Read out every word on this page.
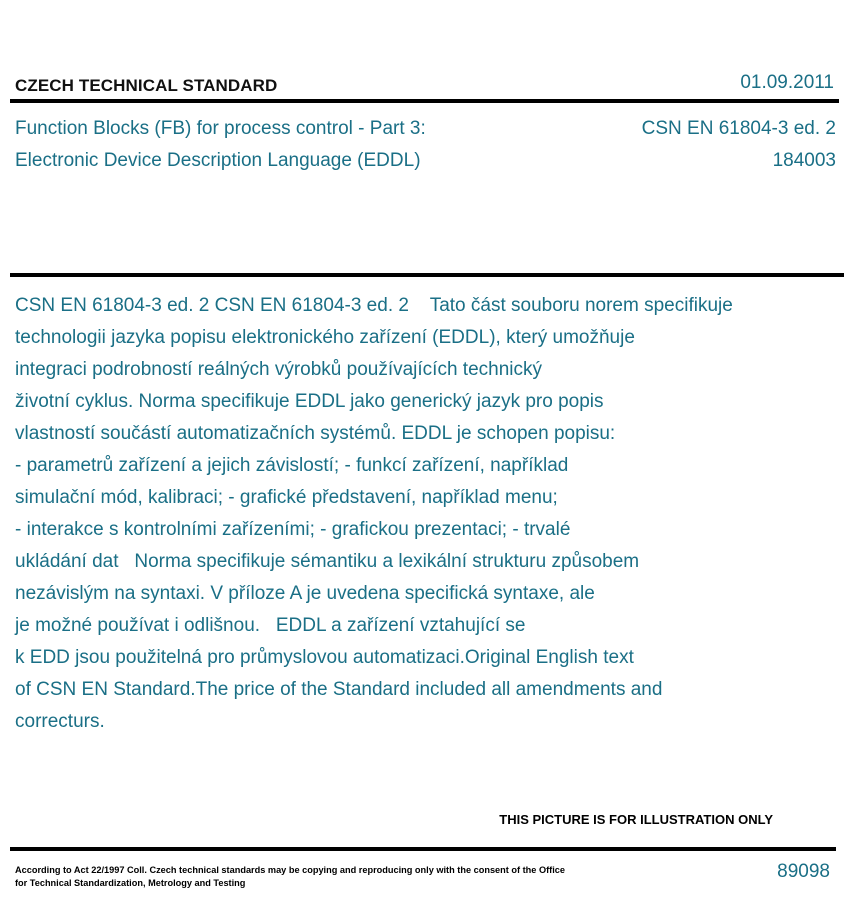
CZECH TECHNICAL STANDARD	01.09.2011
Function Blocks (FB) for process control - Part 3:
Electronic Device Description Language (EDDL)
CSN EN 61804-3 ed. 2
184003
CSN EN 61804-3 ed. 2 CSN EN 61804-3 ed. 2    Tato část souboru norem specifikuje
technologii jazyka popisu elektronického zařízení (EDDL), který umožňuje
integraci podrobností reálných výrobků používajících technický
životní cyklus. Norma specifikuje EDDL jako generický jazyk pro popis
vlastností součástí automatizačních systémů. EDDL je schopen popisu:
- parametrů zařízení a jejich závislostí; - funkcí zařízení, například
simulační mód, kalibraci; - grafické představení, například menu;
- interakce s kontrolními zařízeními; - grafickou prezentaci; - trvalé
ukládání dat   Norma specifikuje sémantiku a lexikální strukturu způsobem
nezávislým na syntaxi. V příloze A je uvedena specifická syntaxe, ale
je možné používat i odlišnou.   EDDL a zařízení vztahující se
k EDD jsou použitelná pro průmyslovou automatizaci.Original English text
of CSN EN Standard.The price of the Standard included all amendments and
correcturs.
THIS PICTURE IS FOR ILLUSTRATION ONLY
According to Act 22/1997 Coll. Czech technical standards may be copying and reproducing only with the consent of the Office
for Technical Standardization, Metrology and Testing
89098
